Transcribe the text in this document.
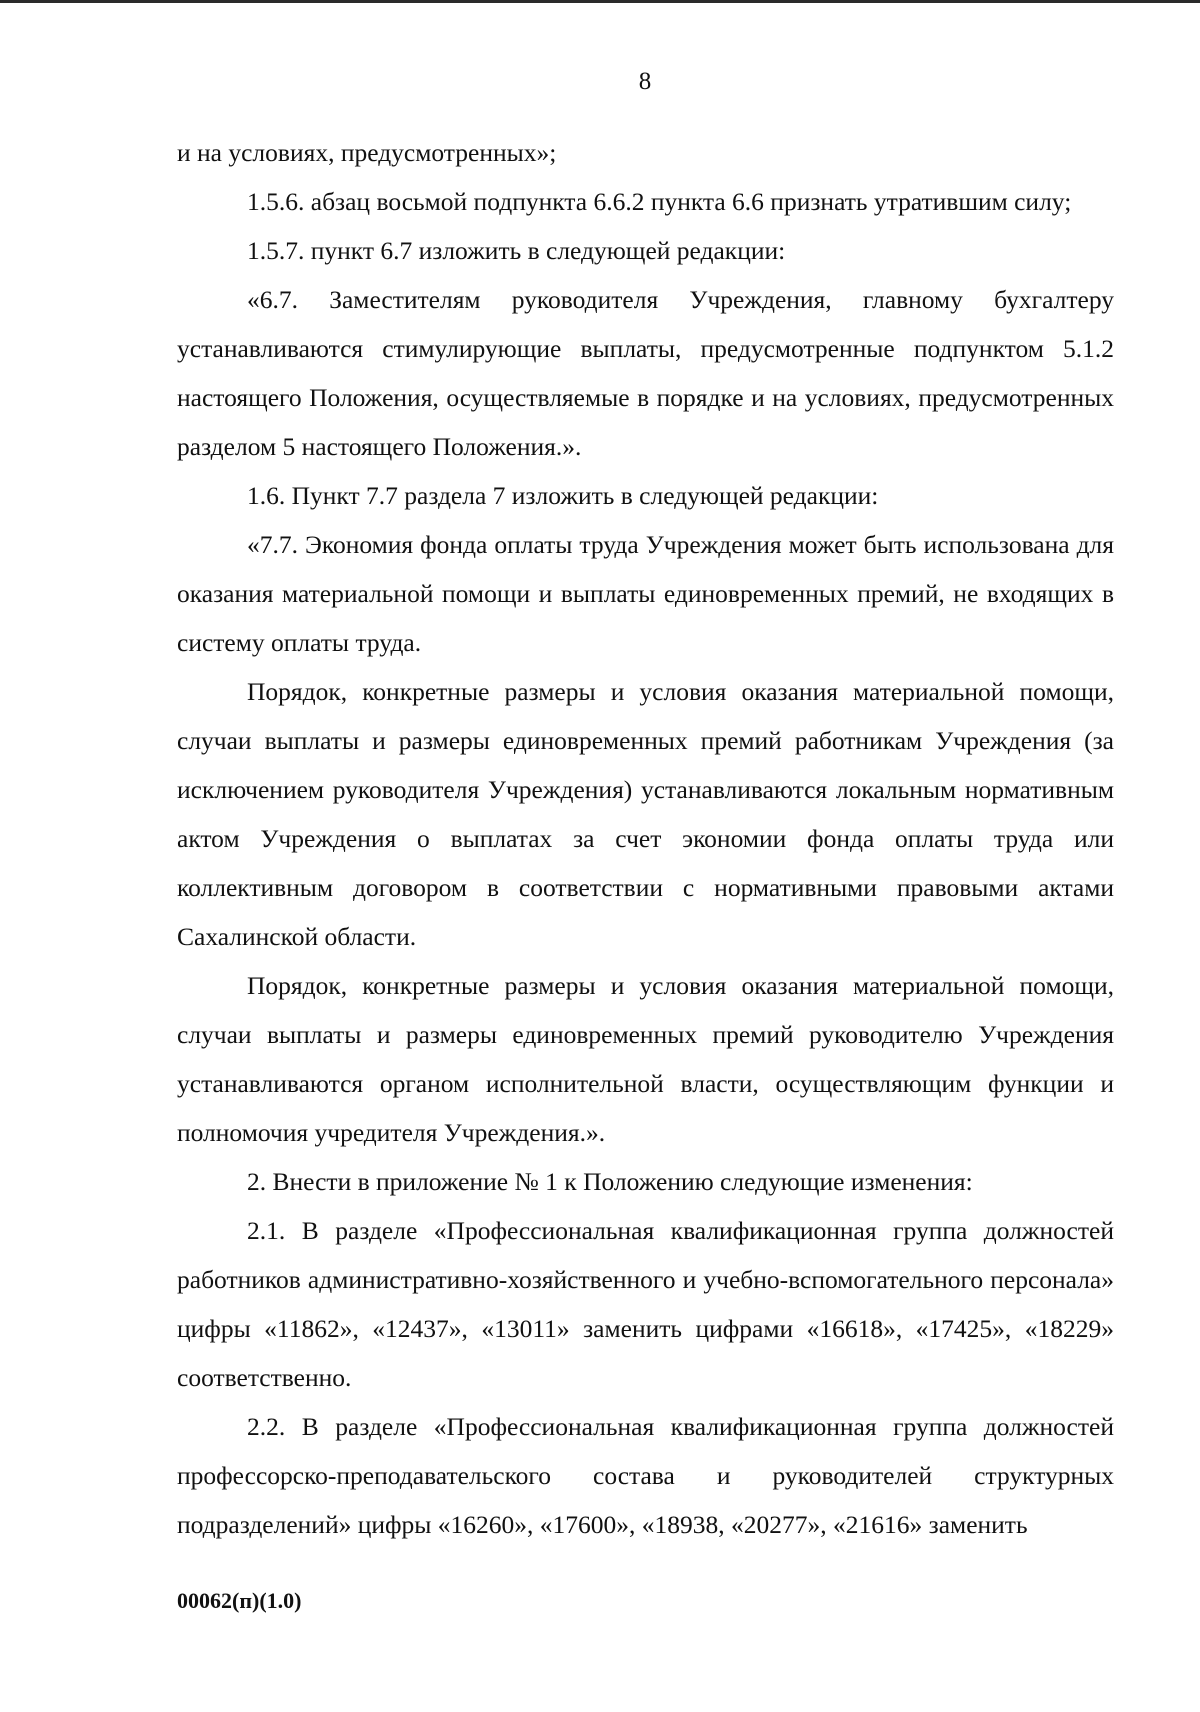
8

и на условиях, предусмотренных»;

1.5.6. абзац восьмой подпункта 6.6.2 пункта 6.6 признать утратившим силу;

1.5.7. пункт 6.7 изложить в следующей редакции:

«6.7. Заместителям руководителя Учреждения, главному бухгалтеру устанавливаются стимулирующие выплаты, предусмотренные подпунктом 5.1.2 настоящего Положения, осуществляемые в порядке и на условиях, предусмотренных разделом 5 настоящего Положения.».

1.6. Пункт 7.7 раздела 7 изложить в следующей редакции:

«7.7. Экономия фонда оплаты труда Учреждения может быть использована для оказания материальной помощи и выплаты единовременных премий, не входящих в систему оплаты труда.

Порядок, конкретные размеры и условия оказания материальной помощи, случаи выплаты и размеры единовременных премий работникам Учреждения (за исключением руководителя Учреждения) устанавливаются локальным нормативным актом Учреждения о выплатах за счет экономии фонда оплаты труда или коллективным договором в соответствии с нормативными правовыми актами Сахалинской области.

Порядок, конкретные размеры и условия оказания материальной помощи, случаи выплаты и размеры единовременных премий руководителю Учреждения устанавливаются органом исполнительной власти, осуществляющим функции и полномочия учредителя Учреждения.».

2. Внести в приложение № 1 к Положению следующие изменения:

2.1. В разделе «Профессиональная квалификационная группа должностей работников административно-хозяйственного и учебно-вспомогательного персонала» цифры «11862», «12437», «13011» заменить цифрами «16618», «17425», «18229» соответственно.

2.2. В разделе «Профессиональная квалификационная группа должностей профессорско-преподавательского состава и руководителей структурных подразделений» цифры «16260», «17600», «18938, «20277», «21616» заменить

00062(п)(1.0)
